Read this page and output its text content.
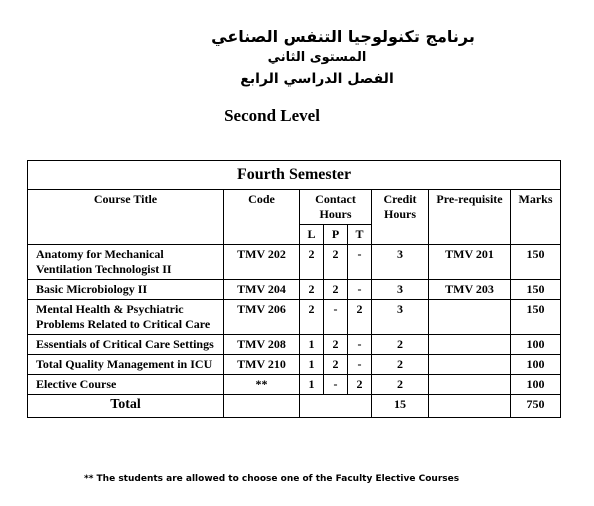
برنامج تكنولوجيا التنفس الصناعي
المستوى الثاني
الفصل الدراسي الرابع
Second Level
Fourth Semester							
Course Title	Code	Contact Hours			Credit Hours	Pre-requisite	Marks
		L	P	T			
Anatomy for Mechanical Ventilation Technologist II	TMV 202	2	2	-	3	TMV 201	150
Basic Microbiology II	TMV 204	2	2	-	3	TMV 203	150
Mental Health & Psychiatric Problems Related to Critical Care	TMV 206	2	-	2	3		150
Essentials of Critical Care Settings	TMV 208	1	2	-	2		100
Total Quality Management in ICU	TMV 210	1	2	-	2		100
Elective Course	**	1	-	2	2		100
Total					15		750
** The students are allowed to choose one of the Faculty Elective Courses
